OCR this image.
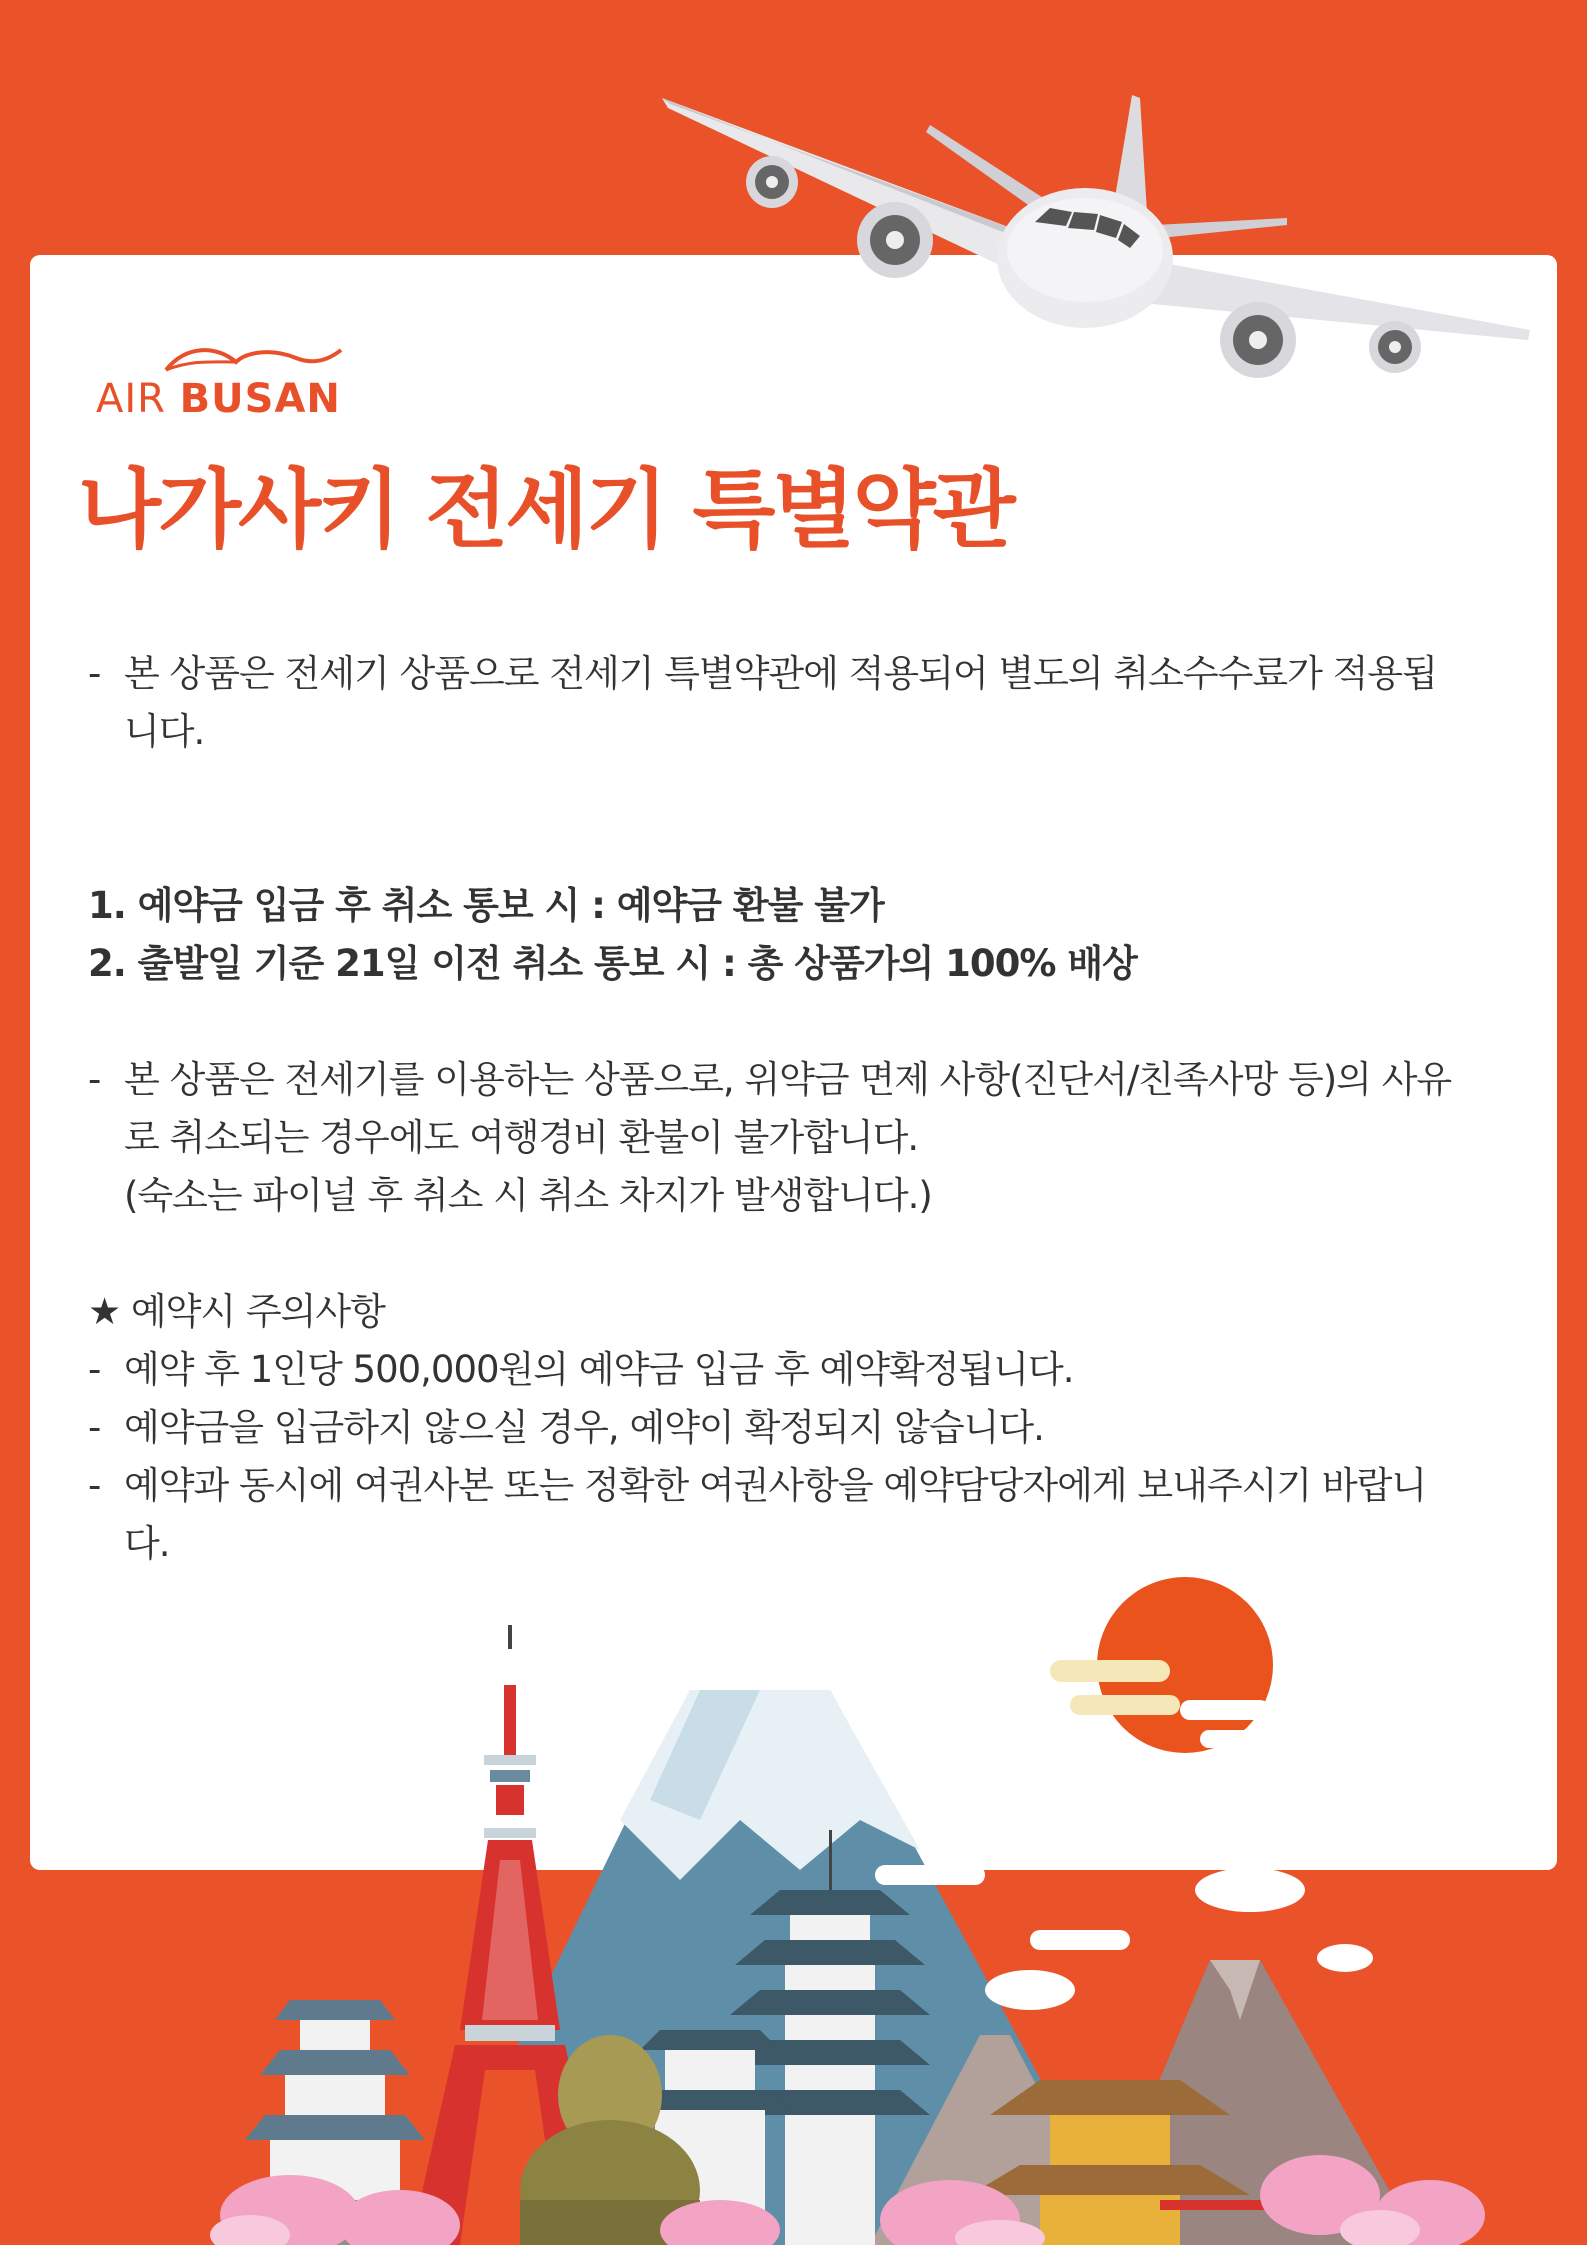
AIR BUSAN
나가사키 전세기 특별약관
- 본 상품은 전세기 상품으로 전세기 특별약관에 적용되어 별도의 취소수수료가 적용됩니다.
1. 예약금 입금 후 취소 통보 시 : 예약금 환불 불가
2. 출발일 기준 21일 이전 취소 통보 시 : 총 상품가의 100% 배상
- 본 상품은 전세기를 이용하는 상품으로, 위약금 면제 사항(진단서/친족사망 등)의 사유로 취소되는 경우에도 여행경비 환불이 불가합니다.
(숙소는 파이널 후 취소 시 취소 차지가 발생합니다.)
★ 예약시 주의사항
- 예약 후 1인당 500,000원의 예약금 입금 후 예약확정됩니다.
- 예약금을 입금하지 않으실 경우, 예약이 확정되지 않습니다.
- 예약과 동시에 여권사본 또는 정확한 여권사항을 예약담당자에게 보내주시기 바랍니다.
